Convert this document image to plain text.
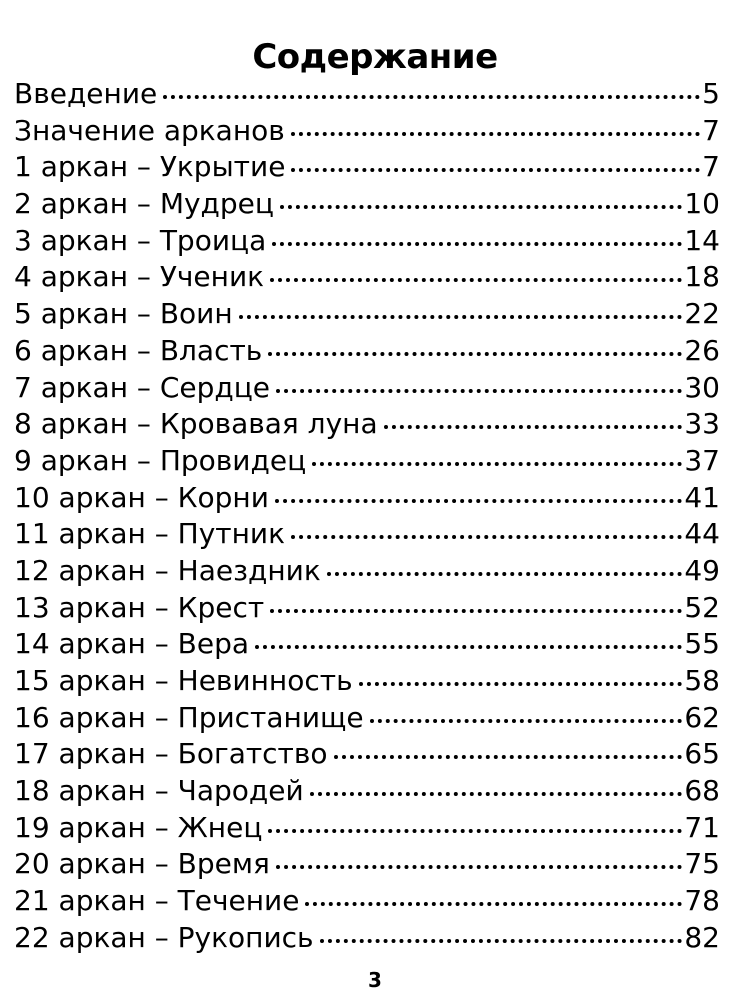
Содержание
Введение	5
Значение арканов	7
1 аркан – Укрытие	7
2 аркан – Мудрец	10
3 аркан – Троица	14
4 аркан – Ученик	18
5 аркан – Воин	22
6 аркан – Власть	26
7 аркан – Сердце	30
8 аркан – Кровавая луна	33
9 аркан – Провидец	37
10 аркан – Корни	41
11 аркан – Путник	44
12 аркан – Наездник	49
13 аркан – Крест	52
14 аркан – Вера	55
15 аркан – Невинность	58
16 аркан – Пристанище	62
17 аркан – Богатство	65
18 аркан – Чародей	68
19 аркан – Жнец	71
20 аркан – Время	75
21 аркан – Течение	78
22 аркан – Рукопись	82
3
